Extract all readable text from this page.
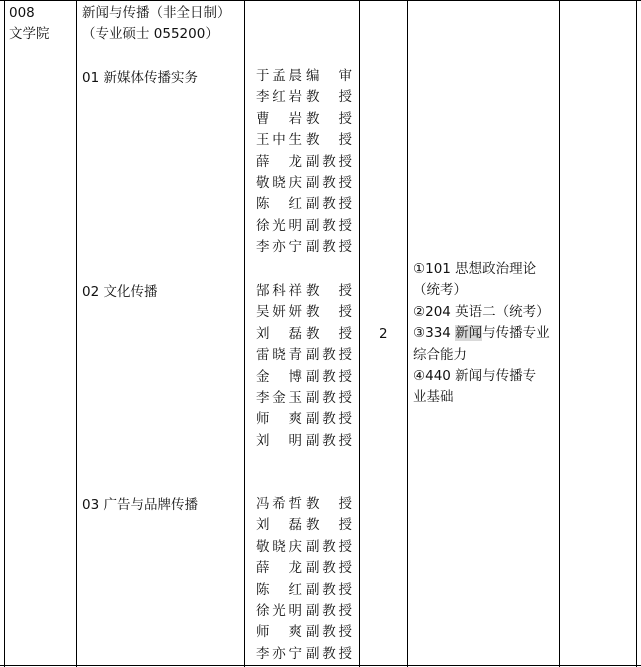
008
文学院
新闻与传播（非全日制）
（专业硕士 055200）
01 新媒体传播实务
02 文化传播
03 广告与品牌传播
于孟晨 编 审
李红岩 教 授
曹 岩 教 授
王中生 教 授
薛 龙 副教授
敬晓庆 副教授
陈 红 副教授
徐光明 副教授
李亦宁 副教授
郜科祥 教 授
吴妍妍 教 授
刘 磊 教 授
雷晓青 副教授
金 博 副教授
李金玉 副教授
师 爽 副教授
刘 明 副教授
冯希哲 教 授
刘 磊 教 授
敬晓庆 副教授
薛 龙 副教授
陈 红 副教授
徐光明 副教授
师 爽 副教授
李亦宁 副教授
2
①101 思想政治理论
（统考）
②204 英语二（统考）
③334 新闻与传播专业
综合能力
④440 新闻与传播专
业基础
